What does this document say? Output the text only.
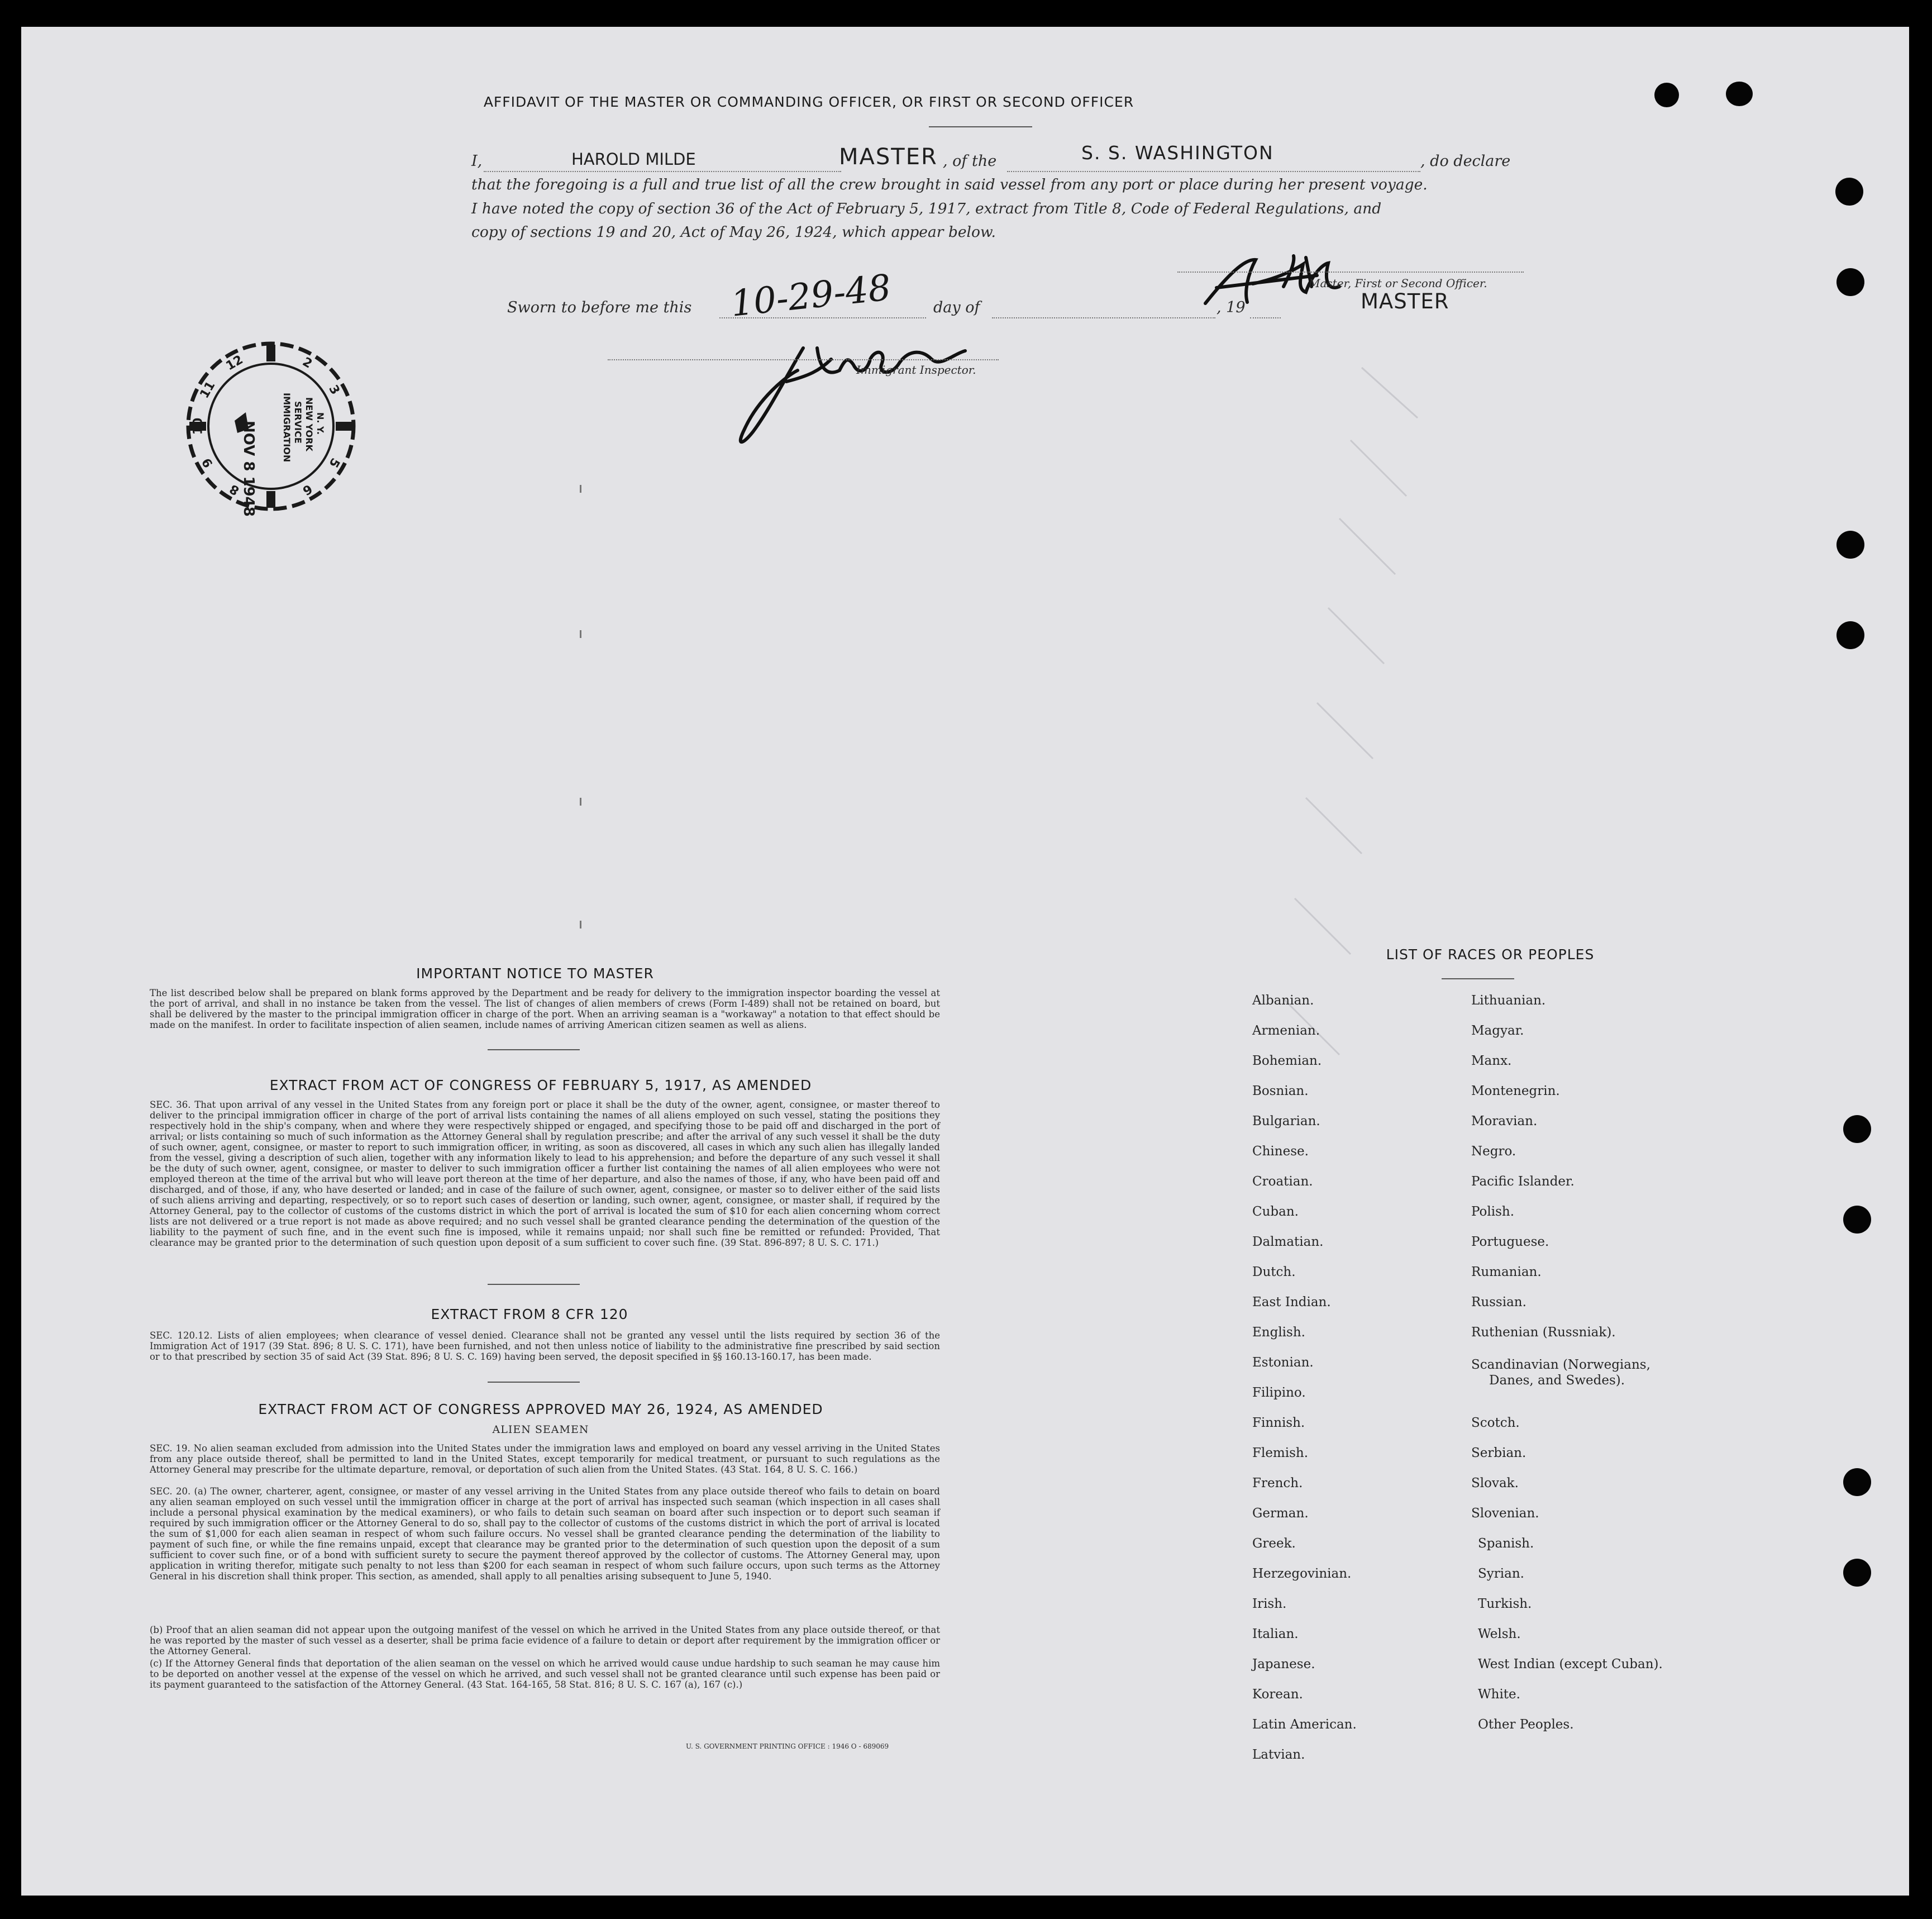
AFFIDAVIT OF THE MASTER OR COMMANDING OFFICER, OR FIRST OR SECOND OFFICER
I,	HAROLD MILDE	MASTER , of the	S. S. WASHINGTON	, do declare
that the foregoing is a full and true list of all the crew brought in said vessel from any port or place during her present voyage.
I have noted the copy of section 36 of the Act of February 5, 1917, extract from Title 8, Code of Federal Regulations, and
copy of sections 19 and 20, Act of May 26, 1924, which appear below.
Master, First or Second Officer.
MASTER
Sworn to before me this 10-29-48	day of	, 19
Immigrant Inspector.
NOV 8 1948	IMMIGRATION SERVICE NEW YORK N. Y.
1
2
3
4
5
6
7
8
9
10
11
12
IMPORTANT NOTICE TO MASTER

The list described below shall be prepared on blank forms approved by the Department and be ready for delivery to the immigration inspector boarding the vessel at the port of arrival, and shall in no instance be taken from the vessel. The list of changes of alien members of crews (Form I-489) shall not be retained on board, but shall be delivered by the master to the principal immigration officer in charge of the port. When an arriving seaman is a "workaway" a notation to that effect should be made on the manifest. In order to facilitate inspection of alien seamen, include names of arriving American citizen seamen as well as aliens.

EXTRACT FROM ACT OF CONGRESS OF FEBRUARY 5, 1917, AS AMENDED

SEC. 36. That upon arrival of any vessel in the United States from any foreign port or place it shall be the duty of the owner, agent, consignee, or master thereof to deliver to the principal immigration officer in charge of the port of arrival lists containing the names of all aliens employed on such vessel, stating the positions they respectively hold in the ship's company, when and where they were respectively shipped or engaged, and specifying those to be paid off and discharged in the port of arrival; or lists containing so much of such information as the Attorney General shall by regulation prescribe; and after the arrival of any such vessel it shall be the duty of such owner, agent, consignee, or master to report to such immigration officer, in writing, as soon as discovered, all cases in which any such alien has illegally landed from the vessel, giving a description of such alien, together with any information likely to lead to his apprehension; and before the departure of any such vessel it shall be the duty of such owner, agent, consignee, or master to deliver to such immigration officer a further list containing the names of all alien employees who were not employed thereon at the time of the arrival but who will leave port thereon at the time of her departure, and also the names of those, if any, who have been paid off and discharged, and of those, if any, who have deserted or landed; and in case of the failure of such owner, agent, consignee, or master so to deliver either of the said lists of such aliens arriving and departing, respectively, or so to report such cases of desertion or landing, such owner, agent, consignee, or master shall, if required by the Attorney General, pay to the collector of customs of the customs district in which the port of arrival is located the sum of $10 for each alien concerning whom correct lists are not delivered or a true report is not made as above required; and no such vessel shall be granted clearance pending the determination of the question of the liability to the payment of such fine, and in the event such fine is imposed, while it remains unpaid; nor shall such fine be remitted or refunded: Provided, That clearance may be granted prior to the determination of such question upon deposit of a sum sufficient to cover such fine. (39 Stat. 896-897; 8 U. S. C. 171.)

EXTRACT FROM 8 CFR 120

SEC. 120.12. Lists of alien employees; when clearance of vessel denied. Clearance shall not be granted any vessel until the lists required by section 36 of the Immigration Act of 1917 (39 Stat. 896; 8 U. S. C. 171), have been furnished, and not then unless notice of liability to the administrative fine prescribed by said section or to that prescribed by section 35 of said Act (39 Stat. 896; 8 U. S. C. 169) having been served, the deposit specified in §§ 160.13-160.17, has been made.

EXTRACT FROM ACT OF CONGRESS APPROVED MAY 26, 1924, AS AMENDED
ALIEN SEAMEN

SEC. 19. No alien seaman excluded from admission into the United States under the immigration laws and employed on board any vessel arriving in the United States from any place outside thereof, shall be permitted to land in the United States, except temporarily for medical treatment, or pursuant to such regulations as the Attorney General may prescribe for the ultimate departure, removal, or deportation of such alien from the United States. (43 Stat. 164, 8 U. S. C. 166.)

SEC. 20. (a) The owner, charterer, agent, consignee, or master of any vessel arriving in the United States from any place outside thereof who fails to detain on board any alien seaman employed on such vessel until the immigration officer in charge at the port of arrival has inspected such seaman (which inspection in all cases shall include a personal physical examination by the medical examiners), or who fails to detain such seaman on board after such inspection or to deport such seaman if required by such immigration officer or the Attorney General to do so, shall pay to the collector of customs of the customs district in which the port of arrival is located the sum of $1,000 for each alien seaman in respect of whom such failure occurs. No vessel shall be granted clearance pending the determination of the liability to payment of such fine, or while the fine remains unpaid, except that clearance may be granted prior to the determination of such question upon the deposit of a sum sufficient to cover such fine, or of a bond with sufficient surety to secure the payment thereof approved by the collector of customs. The Attorney General may, upon application in writing therefor, mitigate such penalty to not less than $200 for each seaman in respect of whom such failure occurs, upon such terms as the Attorney General in his discretion shall think proper. This section, as amended, shall apply to all penalties arising subsequent to June 5, 1940.

(b) Proof that an alien seaman did not appear upon the outgoing manifest of the vessel on which he arrived in the United States from any place outside thereof, or that he was reported by the master of such vessel as a deserter, shall be prima facie evidence of a failure to detain or deport after requirement by the immigration officer or the Attorney General.

(c) If the Attorney General finds that deportation of the alien seaman on the vessel on which he arrived would cause undue hardship to such seaman he may cause him to be deported on another vessel at the expense of the vessel on which he arrived, and such vessel shall not be granted clearance until such expense has been paid or its payment guaranteed to the satisfaction of the Attorney General. (43 Stat. 164-165, 58 Stat. 816; 8 U. S. C. 167 (a), 167 (c).)

U. S. GOVERNMENT PRINTING OFFICE : 1946 O - 689069
LIST OF RACES OR PEOPLES
Albanian.
Armenian.
Bohemian.
Bosnian.
Bulgarian.
Chinese.
Croatian.
Cuban.
Dalmatian.
Dutch.
East Indian.
English.
Estonian.
Filipino.
Finnish.
Flemish.
French.
German.
Greek.
Herzegovinian.
Irish.
Italian.
Japanese.
Korean.
Latin American.
Latvian.
Lithuanian.
Magyar.
Manx.
Montenegrin.
Moravian.
Negro.
Pacific Islander.
Polish.
Portuguese.
Rumanian.
Russian.
Ruthenian (Russniak).
Scandinavian (Norwegians,
Danes, and Swedes).
Scotch.
Serbian.
Slovak.
Slovenian.
Spanish.
Syrian.
Turkish.
Welsh.
West Indian (except Cuban).
White.
Other Peoples.
